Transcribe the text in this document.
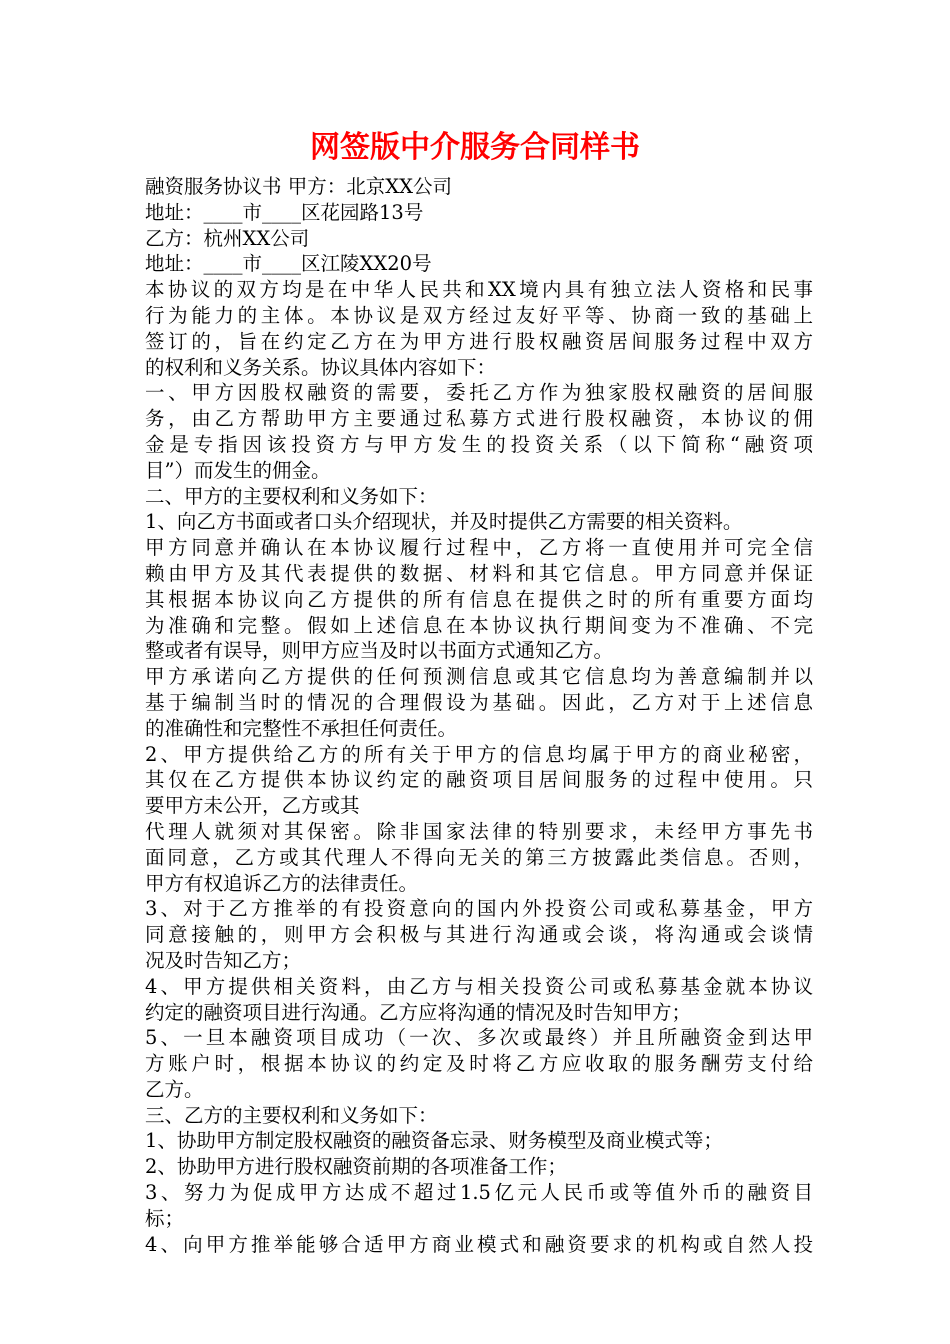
网签版中介服务合同样书
融资服务协议书 甲方：北京XX公司
地址：____市____区花园路13号
乙方：杭州XX公司
地址：____市____区江陵XX20号
本协议的双方均是在中华人民共和XX境内具有独立法人资格和民事
行为能力的主体。本协议是双方经过友好平等、协商一致的基础上
签订的，旨在约定乙方在为甲方进行股权融资居间服务过程中双方
的权利和义务关系。协议具体内容如下：
一、甲方因股权融资的需要，委托乙方作为独家股权融资的居间服
务，由乙方帮助甲方主要通过私募方式进行股权融资，本协议的佣
金是专指因该投资方与甲方发生的投资关系（以下简称“融资项
目”）而发生的佣金。
二、甲方的主要权利和义务如下：
1、向乙方书面或者口头介绍现状，并及时提供乙方需要的相关资料。
甲方同意并确认在本协议履行过程中，乙方将一直使用并可完全信
赖由甲方及其代表提供的数据、材料和其它信息。甲方同意并保证
其根据本协议向乙方提供的所有信息在提供之时的所有重要方面均
为准确和完整。假如上述信息在本协议执行期间变为不准确、不完
整或者有误导，则甲方应当及时以书面方式通知乙方。
甲方承诺向乙方提供的任何预测信息或其它信息均为善意编制并以
基于编制当时的情况的合理假设为基础。因此，乙方对于上述信息
的准确性和完整性不承担任何责任。
2、甲方提供给乙方的所有关于甲方的信息均属于甲方的商业秘密，
其仅在乙方提供本协议约定的融资项目居间服务的过程中使用。只
要甲方未公开，乙方或其
代理人就须对其保密。除非国家法律的特别要求，未经甲方事先书
面同意，乙方或其代理人不得向无关的第三方披露此类信息。否则，
甲方有权追诉乙方的法律责任。
3、对于乙方推举的有投资意向的国内外投资公司或私募基金，甲方
同意接触的，则甲方会积极与其进行沟通或会谈，将沟通或会谈情
况及时告知乙方；
4、甲方提供相关资料，由乙方与相关投资公司或私募基金就本协议
约定的融资项目进行沟通。乙方应将沟通的情况及时告知甲方；
5、一旦本融资项目成功（一次、多次或最终）并且所融资金到达甲
方账户时，根据本协议的约定及时将乙方应收取的服务酬劳支付给
乙方。
三、乙方的主要权利和义务如下：
1、协助甲方制定股权融资的融资备忘录、财务模型及商业模式等；
2、协助甲方进行股权融资前期的各项准备工作；
3、努力为促成甲方达成不超过1.5亿元人民币或等值外币的融资目
标；
4、向甲方推举能够合适甲方商业模式和融资要求的机构或自然人投
